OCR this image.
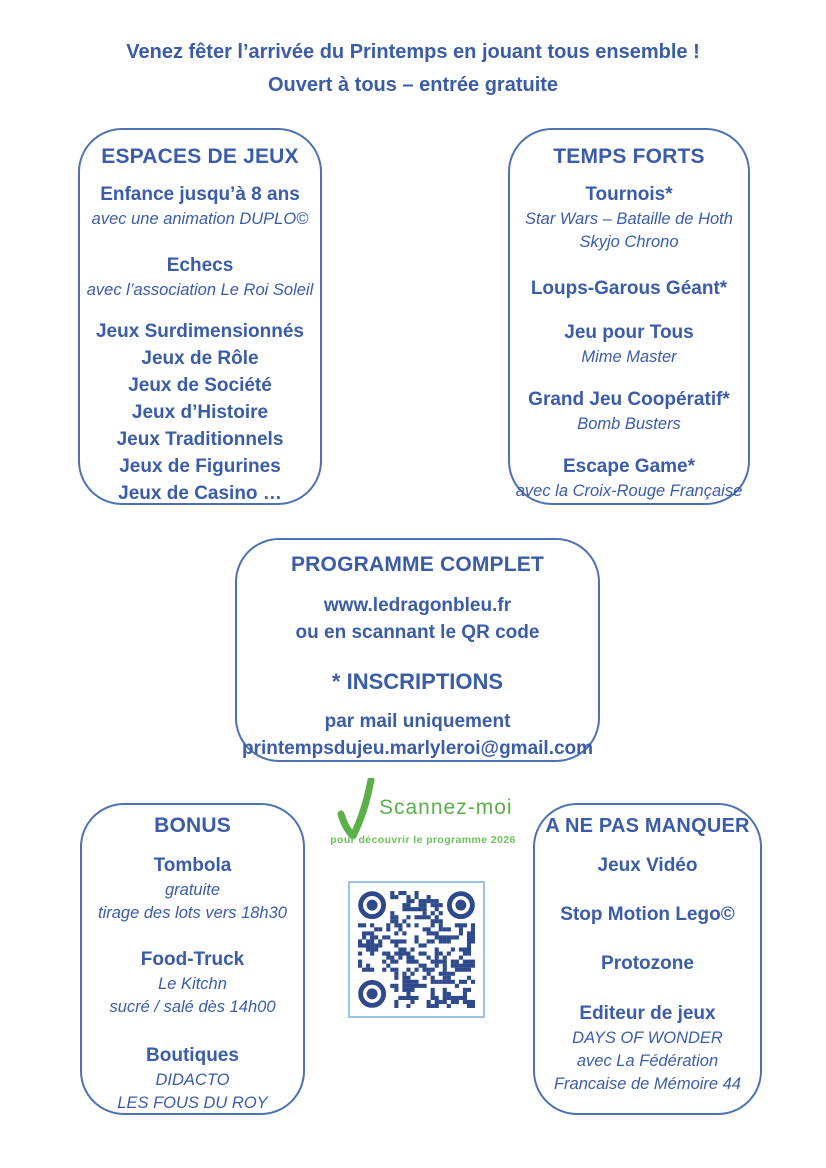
Venez fêter l’arrivée du Printemps en jouant tous ensemble !
Ouvert à tous – entrée gratuite
ESPACES DE JEUX
Enfance jusqu’à 8 ans
avec une animation DUPLO©
Echecs
avec l’association Le Roi Soleil
Jeux Surdimensionnés
Jeux de Rôle
Jeux de Société
Jeux d’Histoire
Jeux Traditionnels
Jeux de Figurines
Jeux de Casino …
TEMPS FORTS
Tournois*
Star Wars – Bataille de Hoth
Skyjo Chrono
Loups-Garous Géant*
Jeu pour Tous
Mime Master
Grand Jeu Coopératif*
Bomb Busters
Escape Game*
avec la Croix-Rouge Française
PROGRAMME COMPLET
www.ledragonbleu.fr
ou en scannant le QR code
* INSCRIPTIONS
par mail uniquement
printempsdujeu.marlyleroi@gmail.com
BONUS
Tombola
gratuite
tirage des lots vers 18h30
Food-Truck
Le Kitchn
sucré / salé dès 14h00
Boutiques
DIDACTO
LES FOUS DU ROY
Scannez-moi
pour découvrir le programme 2026
A NE PAS MANQUER
Jeux Vidéo
Stop Motion Lego©
Protozone
Editeur de jeux
DAYS OF WONDER
avec La Fédération
Francaise de Mémoire 44
